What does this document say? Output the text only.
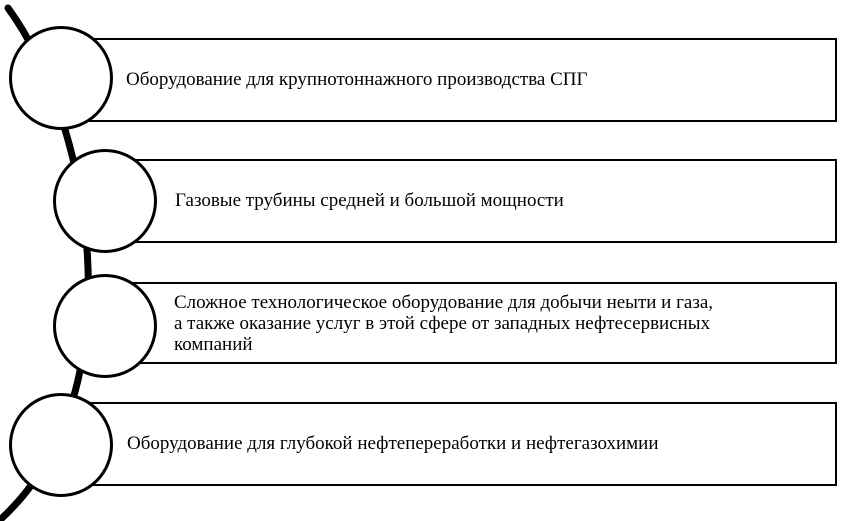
Оборудование для крупнотоннажного производства СПГ
Газовые трубины средней и большой мощности
Сложное технологическое оборудование для добычи неыти и газа,
а также оказание услуг в этой сфере от западных нефтесервисных
компаний
Оборудование для глубокой нефтепереработки и нефтегазохимии
